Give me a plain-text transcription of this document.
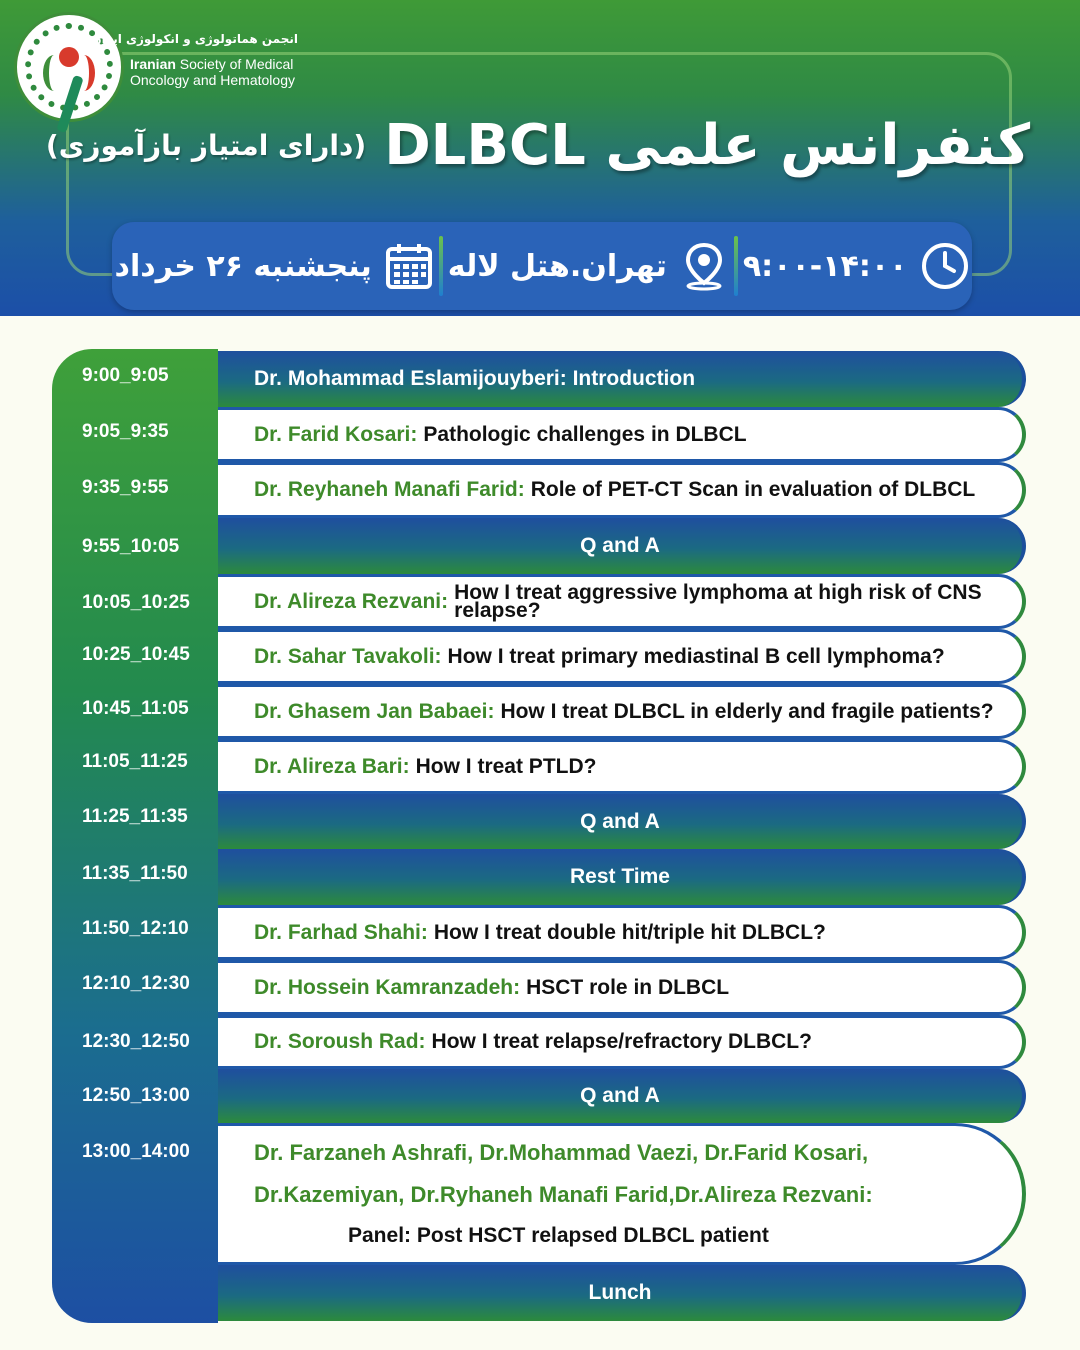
انجمن هماتولوژی و انکولوژی ایران
Iranian Society of Medical
Oncology and Hematology
کنفرانس علمی DLBCL
(دارای امتیاز بازآموزی)
۹:۰۰-۱۴:۰۰
تهران.هتل لاله
پنجشنبه ۲۶ خرداد
9:00_9:05
9:05_9:35
9:35_9:55
9:55_10:05
10:05_10:25
10:25_10:45
10:45_11:05
11:05_11:25
11:25_11:35
11:35_11:50
11:50_12:10
12:10_12:30
12:30_12:50
12:50_13:00
13:00_14:00
Dr. Mohammad Eslamijouyberi: Introduction
Dr. Farid Kosari: Pathologic challenges in DLBCL
Dr. Reyhaneh Manafi Farid: Role of PET-CT Scan in evaluation of DLBCL
Q and A
Dr. Alireza Rezvani: How I treat aggressive lymphoma at high risk of CNS relapse?
Dr. Sahar Tavakoli: How I treat primary mediastinal B cell lymphoma?
Dr. Ghasem Jan Babaei: How I treat DLBCL in elderly and fragile patients?
Dr. Alireza Bari: How I treat PTLD?
Q and A
Rest Time
Dr. Farhad Shahi: How I treat double hit/triple hit DLBCL?
Dr. Hossein Kamranzadeh: HSCT role in DLBCL
Dr. Soroush Rad: How I treat relapse/refractory DLBCL?
Q and A
Dr. Farzaneh Ashrafi, Dr.Mohammad Vaezi, Dr.Farid Kosari,
Dr.Kazemiyan, Dr.Ryhaneh Manafi Farid,Dr.Alireza Rezvani:
Panel: Post HSCT relapsed DLBCL patient
Lunch
